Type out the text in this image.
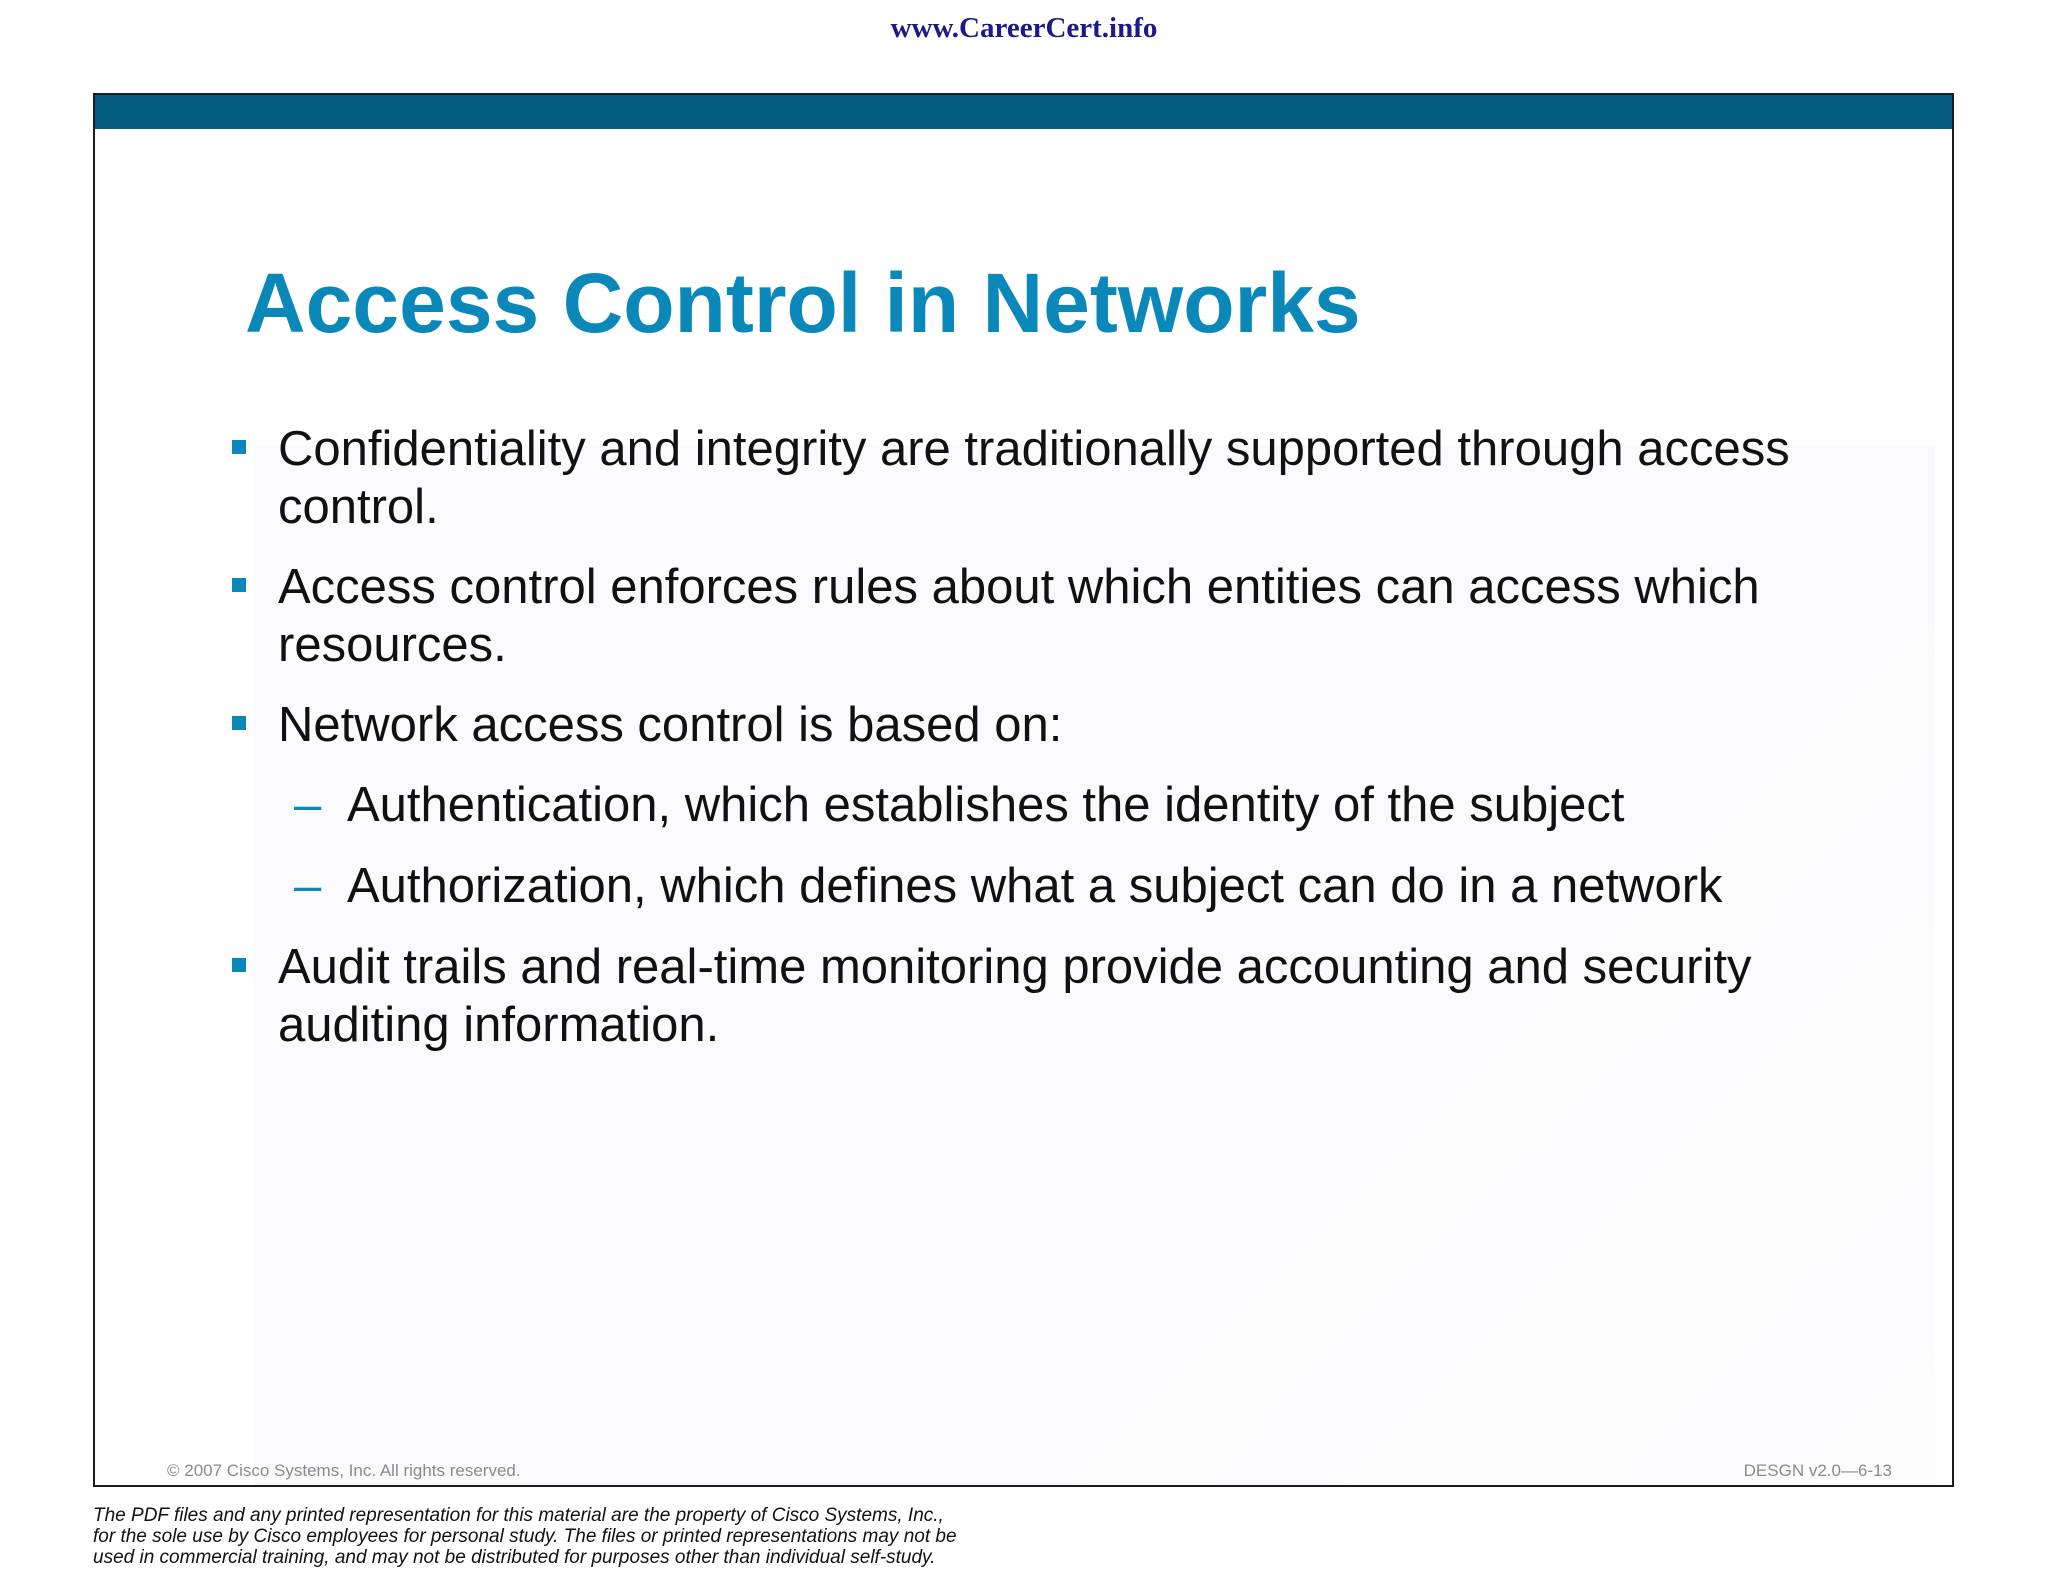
www.CareerCert.info
Access Control in Networks
Confidentiality and integrity are traditionally supported through access control.
Access control enforces rules about which entities can access which resources.
Network access control is based on:
– Authentication, which establishes the identity of the subject
– Authorization, which defines what a subject can do in a network
Audit trails and real-time monitoring provide accounting and security auditing information.
© 2007 Cisco Systems, Inc. All rights reserved.	DESGN v2.0—6-13
The PDF files and any printed representation for this material are the property of Cisco Systems, Inc.,
for the sole use by Cisco employees for personal study. The files or printed representations may not be
used in commercial training, and may not be distributed for purposes other than individual self-study.
